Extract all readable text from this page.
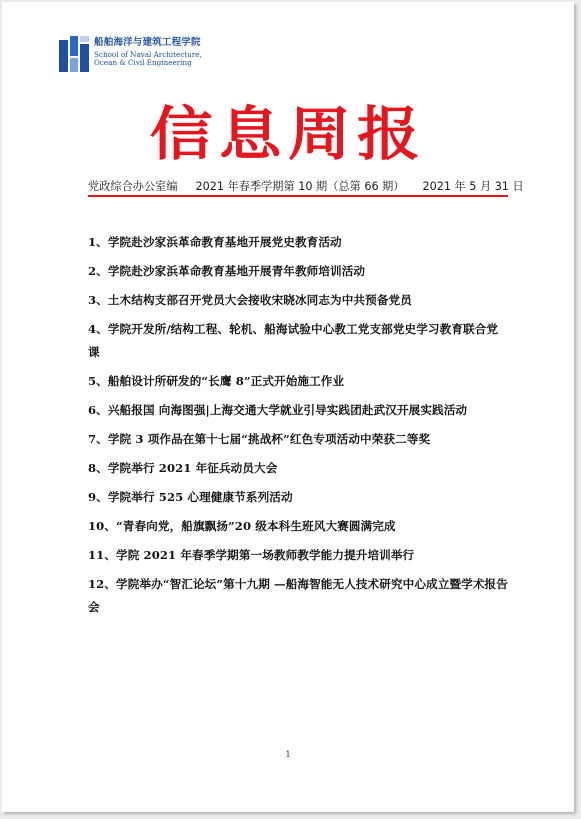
船舶海洋与建筑工程学院
School of Naval Architecture,
Ocean & Civil Engineering
信息周报
党政综合办公室编 2021 年春季学期第 10 期（总第 66 期） 2021 年 5 月 31 日
1、学院赴沙家浜革命教育基地开展党史教育活动
2、学院赴沙家浜革命教育基地开展青年教师培训活动
3、土木结构支部召开党员大会接收宋晓冰同志为中共预备党员
4、学院开发所/结构工程、轮机、船海试验中心教工党支部党史学习教育联合党课
5、船舶设计所研发的“长鹰 8”正式开始施工作业
6、兴船报国 向海图强|上海交通大学就业引导实践团赴武汉开展实践活动
7、学院 3 项作品在第十七届“挑战杯”红色专项活动中荣获二等奖
8、学院举行 2021 年征兵动员大会
9、学院举行 525 心理健康节系列活动
10、“青春向党，船旗飘扬”20 级本科生班风大赛圆满完成
11、学院 2021 年春季学期第一场教师教学能力提升培训举行
12、学院举办“智汇论坛”第十九期 —船海智能无人技术研究中心成立暨学术报告会
1
